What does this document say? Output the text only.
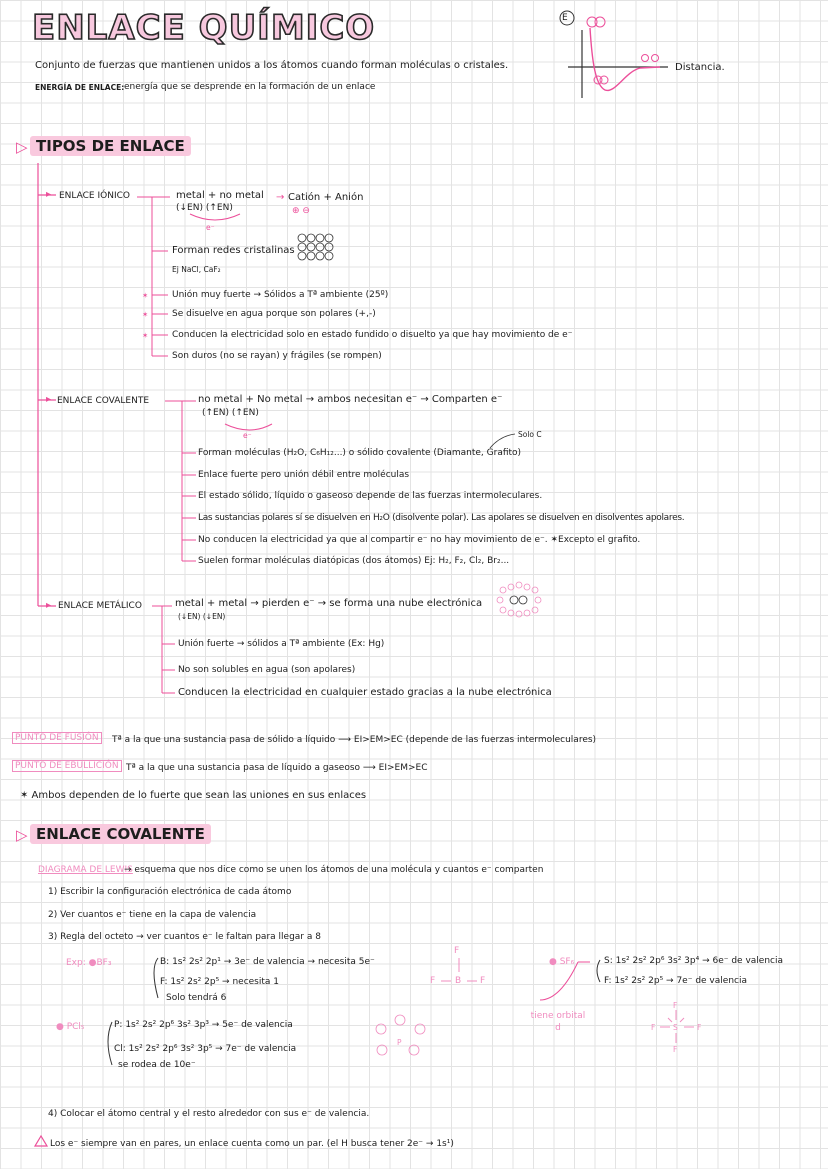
ENLACE QUÍMICO
Conjunto de fuerzas que mantienen unidos a los átomos cuando forman moléculas o cristales.
ENERGÍA DE ENLACE: energía que se desprende en la formación de un enlace
E
Distancia.
▷ TIPOS DE ENLACE
▸ ENLACE IÓNICO	metal + no metal
(↓EN) (↑EN)
e⁻
→ Catión + Anión
⊕ ⊖
Forman redes cristalinas
Ej NaCl, CaF₂
✶	Unión muy fuerte → Sólidos a Tª ambiente (25º)
✶	Se disuelve en agua porque son polares (+,-)
✶	Conducen la electricidad solo en estado fundido o disuelto ya que hay movimiento de e⁻
Son duros (no se rayan) y frágiles (se rompen)
▸ ENLACE COVALENTE	no metal + No metal → ambos necesitan e⁻ → Comparten e⁻
(↑EN) (↑EN)
e⁻	Solo C
Forman moléculas (H₂O, C₆H₁₂...) o sólido covalente (Diamante, Grafito)
Enlace fuerte pero unión débil entre moléculas
El estado sólido, líquido o gaseoso depende de las fuerzas intermoleculares.
Las sustancias polares sí se disuelven en H₂O (disolvente polar). Las apolares se disuelven en disolventes apolares.
No conducen la electricidad ya que al compartir e⁻ no hay movimiento de e⁻. ✶Excepto el grafito.
Suelen formar moléculas diatópicas (dos átomos) Ej: H₂, F₂, Cl₂, Br₂...
▸ ENLACE METÁLICO	metal + metal → pierden e⁻ → se forma una nube electrónica
(↓EN) (↓EN)
Unión fuerte → sólidos a Tª ambiente (Ex: Hg)
No son solubles en agua (son apolares)
Conducen la electricidad en cualquier estado gracias a la nube electrónica
PUNTO DE FUSIÓN	Tª a la que una sustancia pasa de sólido a líquido ⟶ EI>EM>EC (depende de las fuerzas intermoleculares)
PUNTO DE EBULLICIÓN Tª a la que una sustancia pasa de líquido a gaseoso ⟶ EI>EM>EC
✶ Ambos dependen de lo fuerte que sean las uniones en sus enlaces
▷ ENLACE COVALENTE
DIAGRAMA DE LEWIS
→ esquema que nos dice como se unen los átomos de una molécula y cuantos e⁻ comparten
1) Escribir la configuración electrónica de cada átomo
2) Ver cuantos e⁻ tiene en la capa de valencia
3) Regla del octeto → ver cuantos e⁻ le faltan para llegar a 8
Exp: ●BF₃	B: 1s² 2s² 2p¹ → 3e⁻ de valencia → necesita 5e⁻
F: 1s² 2s² 2p⁵ → necesita 1
Solo tendrá 6
F
F B F
● SF₆	S: 1s² 2s² 2p⁶ 3s² 3p⁴ → 6e⁻ de valencia
F: 1s² 2s² 2p⁵ → 7e⁻ de valencia
tiene orbital d
F
F S	F
F
● PCl₅	P: 1s² 2s² 2p⁶ 3s² 3p³ → 5e⁻ de valencia
Cl: 1s² 2s² 2p⁶ 3s² 3p⁵ → 7e⁻ de valencia
se rodea de 10e⁻
P
4) Colocar el átomo central y el resto alrededor con sus e⁻ de valencia.
Los e⁻ siempre van en pares, un enlace cuenta como un par. (el H busca tener 2e⁻ → 1s¹)
